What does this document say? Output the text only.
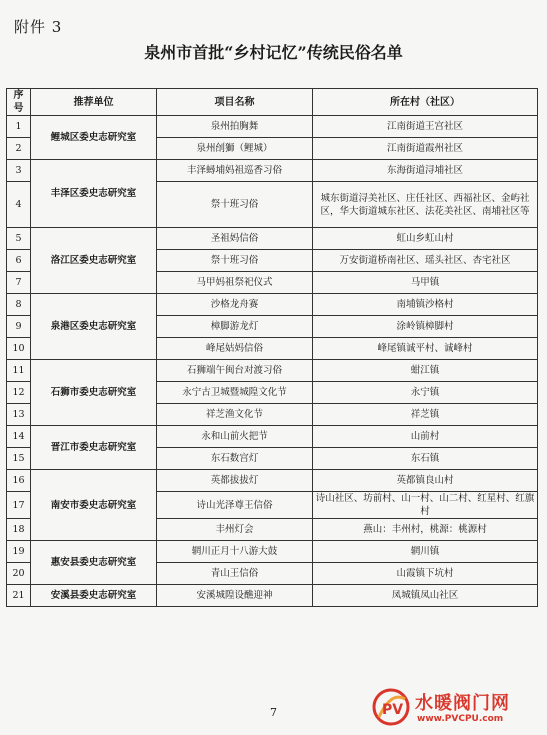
附件 3
泉州市首批“乡村记忆”传统民俗名单
序号	推荐单位	项目名称	所在村（社区）
1	鲤城区委史志研究室	泉州拍胸舞	江南街道王宫社区
2		泉州刣獅（鲤城）	江南街道霞州社区
3	丰泽区委史志研究室	丰泽蟳埔妈祖巡香习俗	东海街道浔埔社区
4		祭十班习俗	城东街道浔美社区、庄任社区、西福社区、金屿社区，华大街道城东社区、法花美社区、南埔社区等
5	洛江区委史志研究室	圣祖妈信俗	虹山乡虹山村
6		祭十班习俗	万安街道桥南社区、瑶头社区、杏宅社区
7		马甲妈祖祭祀仪式	马甲镇
8	泉港区委史志研究室	沙格龙舟赛	南埔镇沙格村
9		樟脚游龙灯	涂岭镇樟脚村
10		峰尾姑妈信俗	峰尾镇诚平村、诚峰村
11	石狮市委史志研究室	石狮端午闽台对渡习俗	蚶江镇
12		永宁古卫城暨城隍文化节	永宁镇
13		祥芝渔文化节	祥芝镇
14	晋江市委史志研究室	永和山前火把节	山前村
15		东石数宫灯	东石镇
16	南安市委史志研究室	英都拔拔灯	英都镇良山村
17		诗山光泽尊王信俗	诗山社区、坊前村、山一村、山二村、红星村、红旗村
18		丰州灯会	燕山：丰州村，桃源：桃源村
19	惠安县委史志研究室	辋川正月十八游大鼓	辋川镇
20		青山王信俗	山霞镇下坑村
21	安溪县委史志研究室	安溪城隍设醮迎神	凤城镇凤山社区
7	PV 水暖阀门网
www.PVCPU.com
